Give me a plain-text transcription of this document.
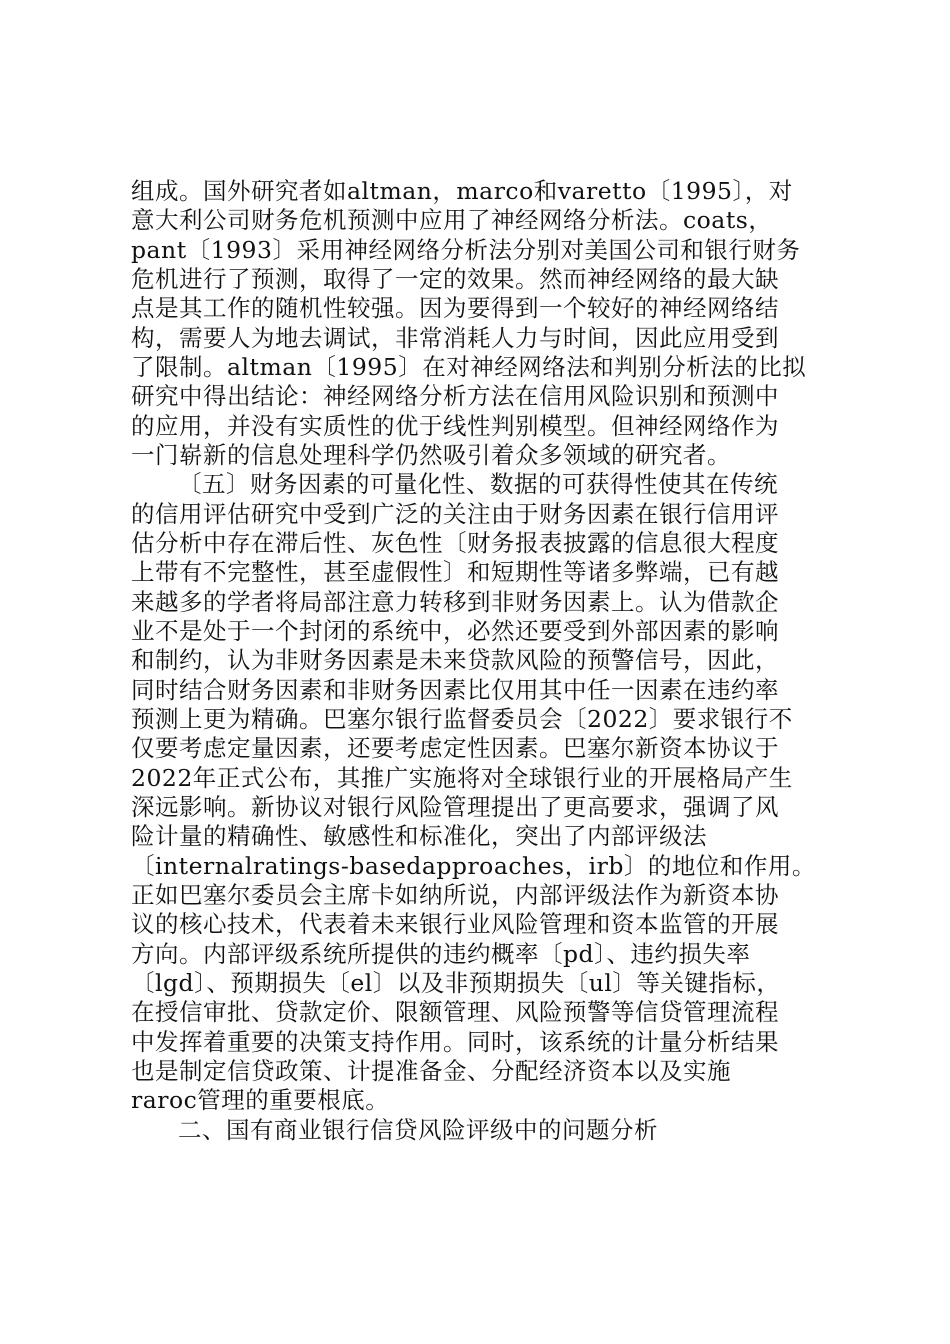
组成。国外研究者如altman，marco和varetto〔1995〕，对
意大利公司财务危机预测中应用了神经网络分析法。coats，
pant〔1993〕采用神经网络分析法分别对美国公司和银行财务
危机进行了预测，取得了一定的效果。然而神经网络的最大缺
点是其工作的随机性较强。因为要得到一个较好的神经网络结
构，需要人为地去调试，非常消耗人力与时间，因此应用受到
了限制。altman〔1995〕在对神经网络法和判别分析法的比拟
研究中得出结论：神经网络分析方法在信用风险识别和预测中
的应用，并没有实质性的优于线性判别模型。但神经网络作为
一门崭新的信息处理科学仍然吸引着众多领域的研究者。
〔五〕财务因素的可量化性、数据的可获得性使其在传统
的信用评估研究中受到广泛的关注由于财务因素在银行信用评
估分析中存在滞后性、灰色性〔财务报表披露的信息很大程度
上带有不完整性，甚至虚假性〕和短期性等诸多弊端，已有越
来越多的学者将局部注意力转移到非财务因素上。认为借款企
业不是处于一个封闭的系统中，必然还要受到外部因素的影响
和制约，认为非财务因素是未来贷款风险的预警信号，因此，
同时结合财务因素和非财务因素比仅用其中任一因素在违约率
预测上更为精确。巴塞尔银行监督委员会〔2022〕要求银行不
仅要考虑定量因素，还要考虑定性因素。巴塞尔新资本协议于
2022年正式公布，其推广实施将对全球银行业的开展格局产生
深远影响。新协议对银行风险管理提出了更高要求，强调了风
险计量的精确性、敏感性和标准化，突出了内部评级法
〔internalratings-basedapproaches，irb〕的地位和作用。
正如巴塞尔委员会主席卡如纳所说，内部评级法作为新资本协
议的核心技术，代表着未来银行业风险管理和资本监管的开展
方向。内部评级系统所提供的违约概率〔pd〕、违约损失率
〔lgd〕、预期损失〔el〕以及非预期损失〔ul〕等关键指标，
在授信审批、贷款定价、限额管理、风险预警等信贷管理流程
中发挥着重要的决策支持作用。同时，该系统的计量分析结果
也是制定信贷政策、计提准备金、分配经济资本以及实施
raroc管理的重要根底。
二、国有商业银行信贷风险评级中的问题分析
